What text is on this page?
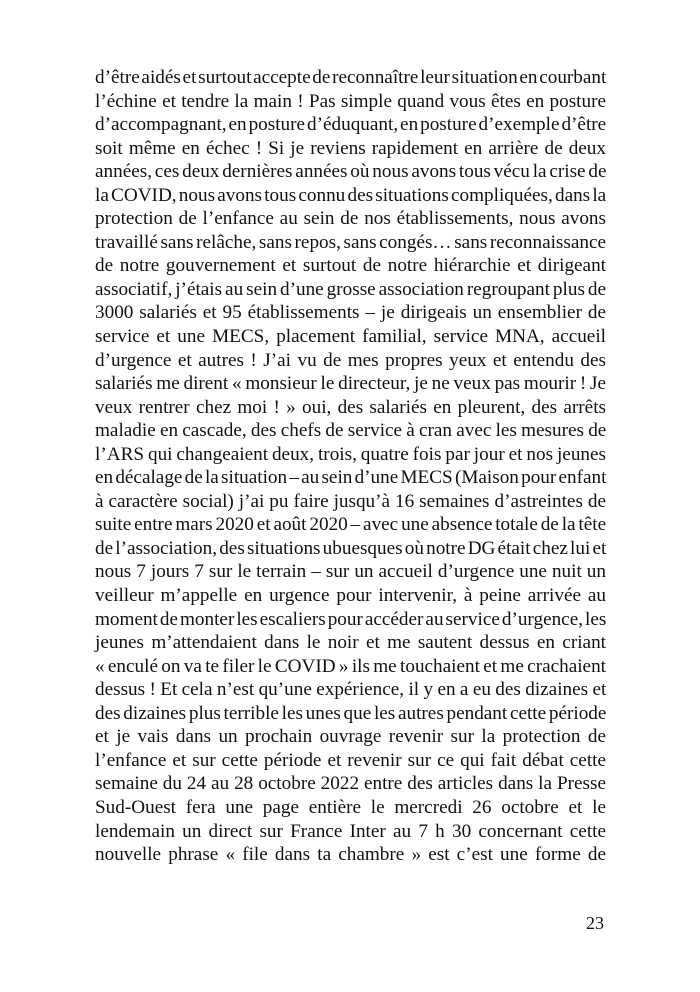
d’être aidés et surtout accepte de reconnaître leur situation en courbant
l’échine et tendre la main ! Pas simple quand vous êtes en posture
d’accompagnant, en posture d’éduquant, en posture d’exemple d’être
soit même en échec ! Si je reviens rapidement en arrière de deux
années, ces deux dernières années où nous avons tous vécu la crise de
la COVID, nous avons tous connu des situations compliquées, dans la
protection de l’enfance au sein de nos établissements, nous avons
travaillé sans relâche, sans repos, sans congés… sans reconnaissance
de notre gouvernement et surtout de notre hiérarchie et dirigeant
associatif, j’étais au sein d’une grosse association regroupant plus de
3000 salariés et 95 établissements – je dirigeais un ensemblier de
service et une MECS, placement familial, service MNA, accueil
d’urgence et autres ! J’ai vu de mes propres yeux et entendu des
salariés me dirent « monsieur le directeur, je ne veux pas mourir ! Je
veux rentrer chez moi ! » oui, des salariés en pleurent, des arrêts
maladie en cascade, des chefs de service à cran avec les mesures de
l’ARS qui changeaient deux, trois, quatre fois par jour et nos jeunes
en décalage de la situation – au sein d’une MECS (Maison pour enfant
à caractère social) j’ai pu faire jusqu’à 16 semaines d’astreintes de
suite entre mars 2020 et août 2020 – avec une absence totale de la tête
de l’association, des situations ubuesques où notre DG était chez lui et
nous 7 jours 7 sur le terrain – sur un accueil d’urgence une nuit un
veilleur m’appelle en urgence pour intervenir, à peine arrivée au
moment de monter les escaliers pour accéder au service d’urgence, les
jeunes m’attendaient dans le noir et me sautent dessus en criant
« enculé on va te filer le COVID » ils me touchaient et me crachaient
dessus ! Et cela n’est qu’une expérience, il y en a eu des dizaines et
des dizaines plus terrible les unes que les autres pendant cette période
et je vais dans un prochain ouvrage revenir sur la protection de
l’enfance et sur cette période et revenir sur ce qui fait débat cette
semaine du 24 au 28 octobre 2022 entre des articles dans la Presse
Sud-Ouest fera une page entière le mercredi 26 octobre et le
lendemain un direct sur France Inter au 7 h 30 concernant cette
nouvelle phrase « file dans ta chambre » est c’est une forme de
23
